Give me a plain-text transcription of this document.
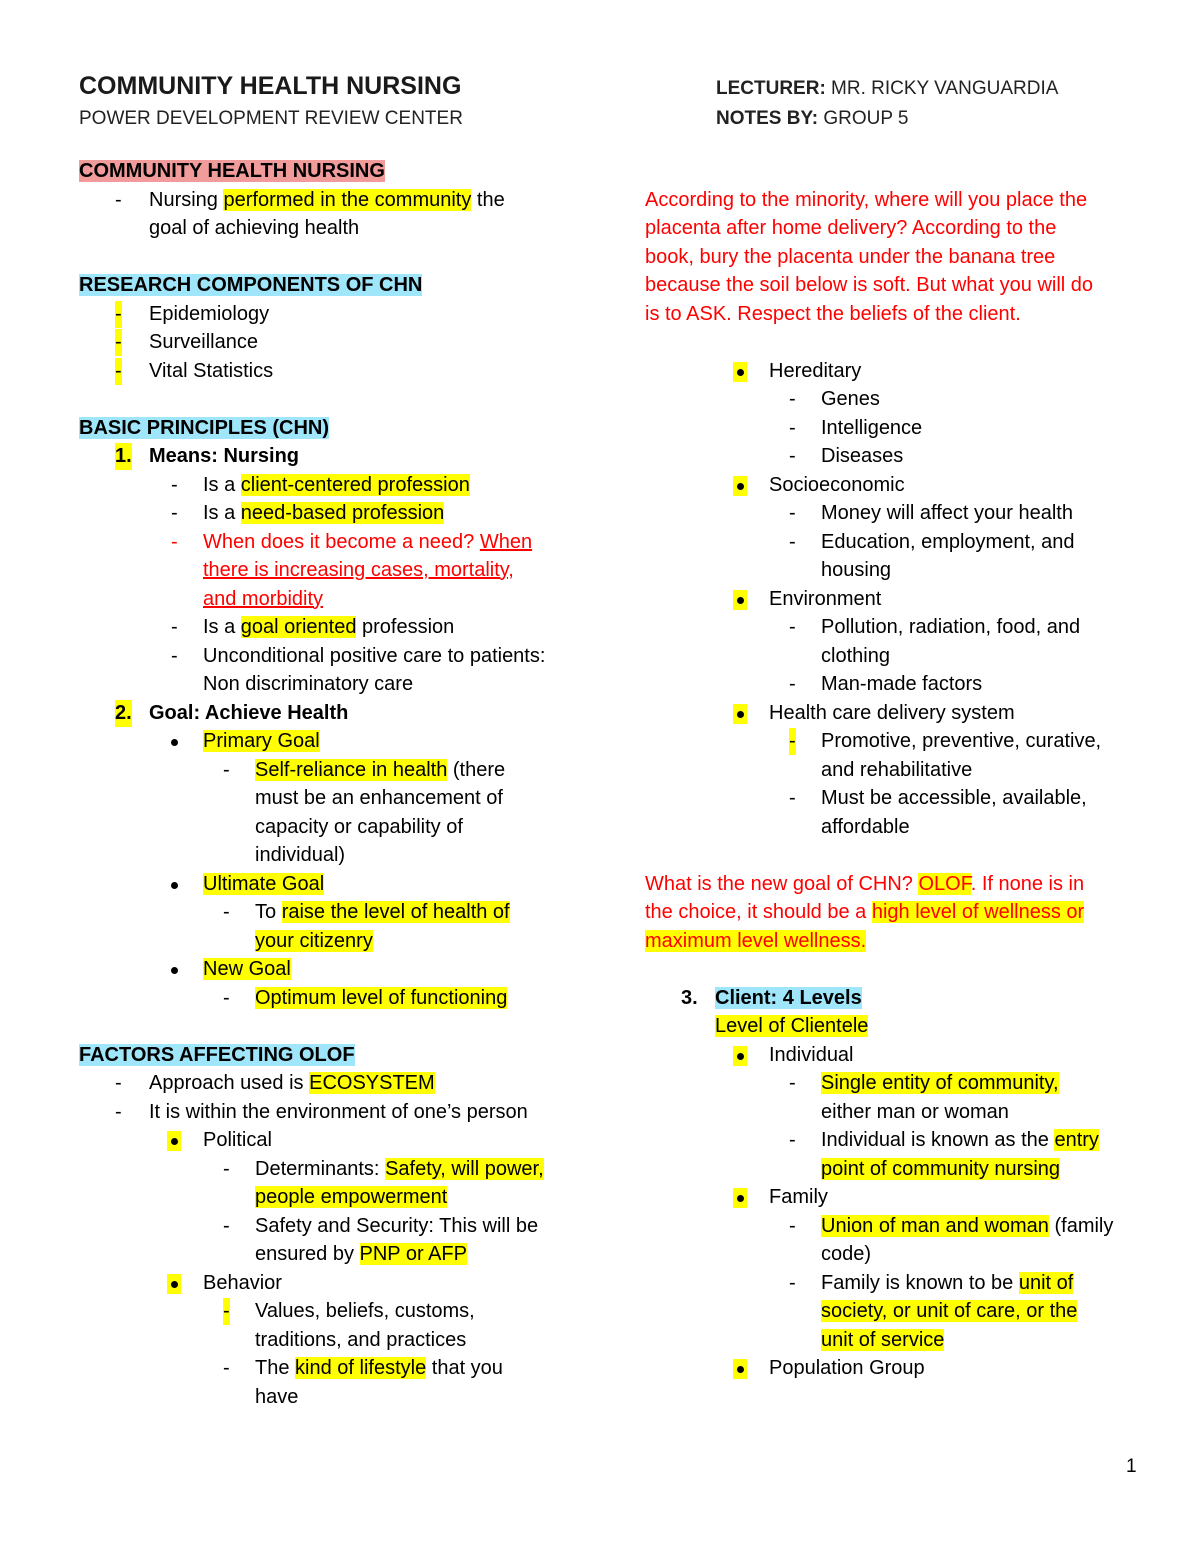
COMMUNITY HEALTH NURSING
POWER DEVELOPMENT REVIEW CENTER
LECTURER: MR. RICKY VANGUARDIA
NOTES BY: GROUP 5
COMMUNITY HEALTH NURSING
- Nursing performed in the community the
goal of achieving health
RESEARCH COMPONENTS OF CHN
- Epidemiology
- Surveillance
- Vital Statistics
BASIC PRINCIPLES (CHN)
1. Means: Nursing
- Is a client-centered profession
- Is a need-based profession
- When does it become a need? When
there is increasing cases, mortality,
and morbidity
- Is a goal oriented profession
- Unconditional positive care to patients:
Non discriminatory care
2. Goal: Achieve Health
Primary Goal
- Self-reliance in health (there
must be an enhancement of
capacity or capability of
individual)
Ultimate Goal
- To raise the level of health of
your citizenry
New Goal
- Optimum level of functioning
FACTORS AFFECTING OLOF
- Approach used is ECOSYSTEM
- It is within the environment of one’s person
Political
- Determinants: Safety, will power,
people empowerment
- Safety and Security: This will be
ensured by PNP or AFP
Behavior
- Values, beliefs, customs,
traditions, and practices
- The kind of lifestyle that you
have
According to the minority, where will you place the
placenta after home delivery? According to the
book, bury the placenta under the banana tree
because the soil below is soft. But what you will do
is to ASK. Respect the beliefs of the client.
Hereditary
- Genes
- Intelligence
- Diseases
Socioeconomic
- Money will affect your health
- Education, employment, and
housing
Environment
- Pollution, radiation, food, and
clothing
- Man-made factors
Health care delivery system
- Promotive, preventive, curative,
and rehabilitative
- Must be accessible, available,
affordable
What is the new goal of CHN? OLOF. If none is in
the choice, it should be a high level of wellness or
maximum level wellness.
3. Client: 4 Levels
Level of Clientele
Individual
- Single entity of community,
either man or woman
- Individual is known as the entry
point of community nursing
Family
- Union of man and woman (family
code)
- Family is known to be unit of
society, or unit of care, or the
unit of service
Population Group
1
